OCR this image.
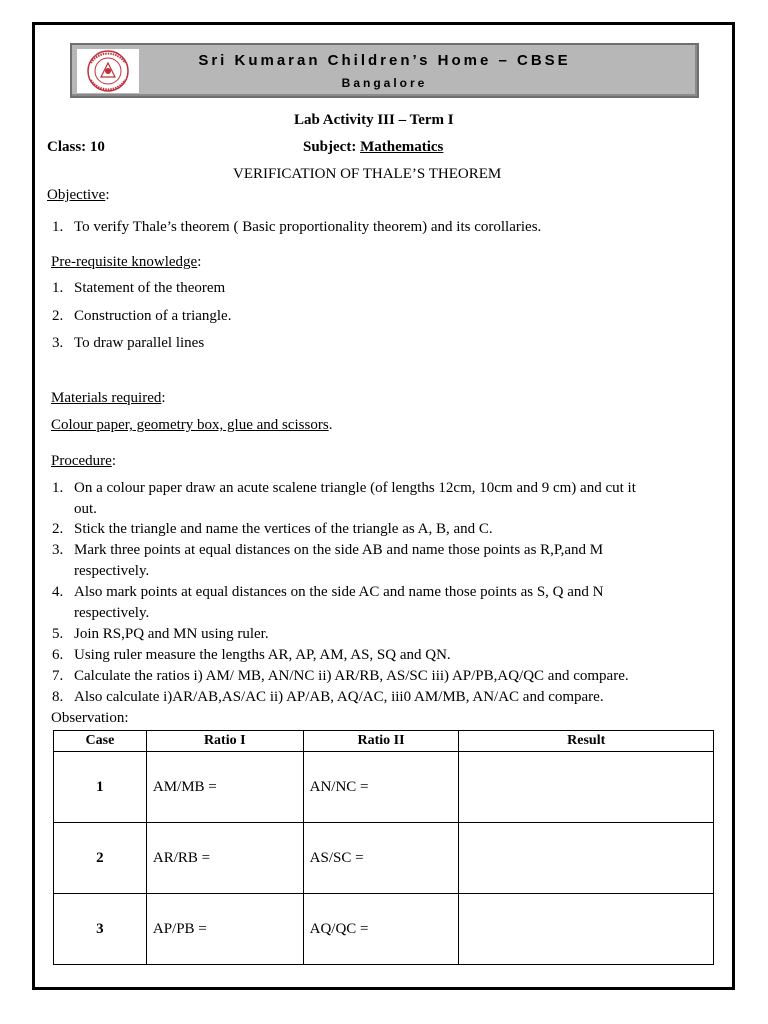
Sri Kumaran Children’s Home – CBSE
Bangalore
Lab Activity III – Term I
Class: 10	Subject: Mathematics
VERIFICATION OF THALE’S THEOREM
Objective:
1. To verify Thale’s theorem ( Basic proportionality theorem) and its corollaries.
Pre-requisite knowledge:
1. Statement of the theorem
2. Construction of a triangle.
3. To draw parallel lines
Materials required:
Colour paper, geometry box, glue and scissors.
Procedure:
1. On a colour paper draw an acute scalene triangle (of lengths 12cm, 10cm and 9 cm) and cut it
out.
2. Stick the triangle and name the vertices of the triangle as A, B, and C.
3. Mark three points at equal distances on the side AB and name those points as R,P,and M
respectively.
4. Also mark points at equal distances on the side AC and name those points as S, Q and N
respectively.
5. Join RS,PQ and MN using ruler.
6. Using ruler measure the lengths AR, AP, AM, AS, SQ and QN.
7. Calculate the ratios i) AM/ MB, AN/NC ii) AR/RB, AS/SC iii) AP/PB,AQ/QC and compare.
8. Also calculate i)AR/AB,AS/AC ii) AP/AB, AQ/AC, iii0 AM/MB, AN/AC and compare.
Observation:
Case	Ratio I	Ratio II	Result
1	AM/MB =	AN/NC =	
2	AR/RB =	AS/SC =	
3	AP/PB =	AQ/QC =	
